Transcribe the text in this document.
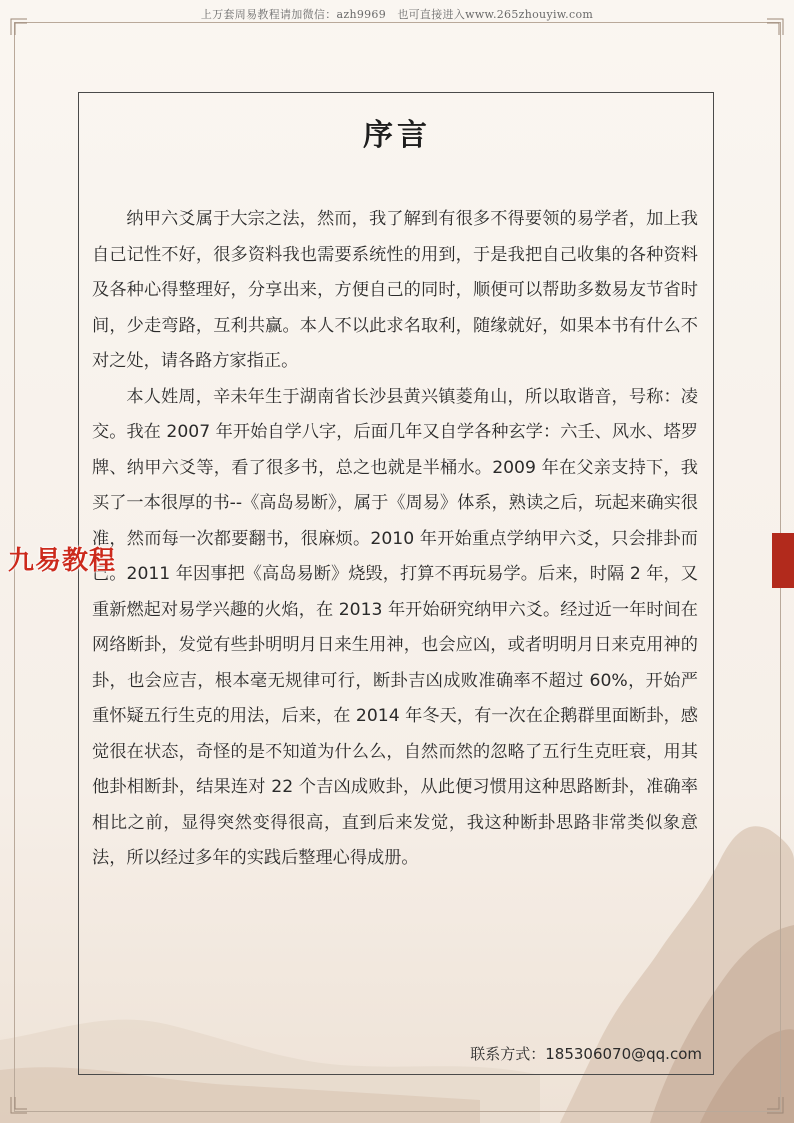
上万套周易教程请加微信：azh9969　也可直接进入www.265zhouyiw.com
序言

纳甲六爻属于大宗之法，然而，我了解到有很多不得要领的易学者，加上我自己记性不好，很多资料我也需要系统性的用到，于是我把自己收集的各种资料及各种心得整理好，分享出来，方便自己的同时，顺便可以帮助多数易友节省时间，少走弯路，互利共赢。本人不以此求名取利，随缘就好，如果本书有什么不对之处，请各路方家指正。

本人姓周，辛未年生于湖南省长沙县黄兴镇菱角山，所以取谐音，号称：凌交。我在 2007 年开始自学八字，后面几年又自学各种玄学：六壬、风水、塔罗牌、纳甲六爻等，看了很多书，总之也就是半桶水。2009 年在父亲支持下，我买了一本很厚的书--《高岛易断》，属于《周易》体系，熟读之后，玩起来确实很准，然而每一次都要翻书，很麻烦。2010 年开始重点学纳甲六爻，只会排卦而已。2011 年因事把《高岛易断》烧毁，打算不再玩易学。后来，时隔 2 年，又重新燃起对易学兴趣的火焰，在 2013 年开始研究纳甲六爻。经过近一年时间在网络断卦，发觉有些卦明明月日来生用神，也会应凶，或者明明月日来克用神的卦，也会应吉，根本毫无规律可行，断卦吉凶成败准确率不超过 60%，开始严重怀疑五行生克的用法，后来，在 2014 年冬天，有一次在企鹅群里面断卦，感觉很在状态，奇怪的是不知道为什么么，自然而然的忽略了五行生克旺衰，用其他卦相断卦，结果连对 22 个吉凶成败卦，从此便习惯用这种思路断卦，准确率相比之前，显得突然变得很高，直到后来发觉，我这种断卦思路非常类似象意法，所以经过多年的实践后整理心得成册。

联系方式：185306070@qq.com
九易教程
